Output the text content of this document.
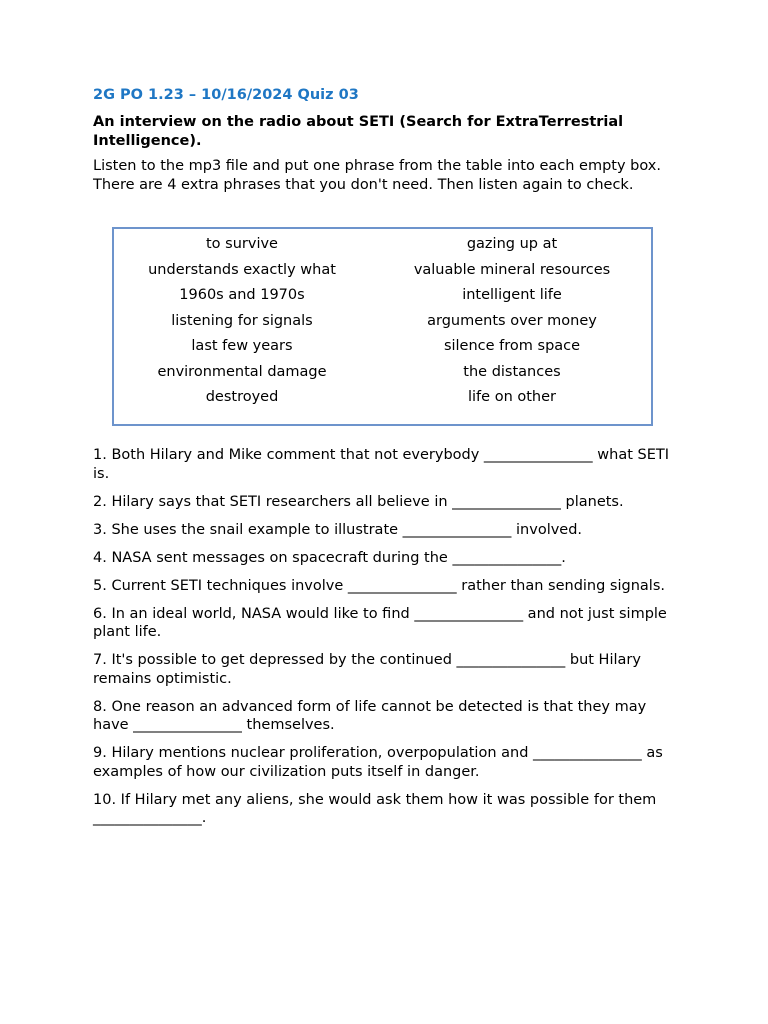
2G PO 1.23 – 10/16/2024 Quiz 03
An interview on the radio about SETI (Search for ExtraTerrestrial Intelligence).
Listen to the mp3 file and put one phrase from the table into each empty box. There are 4 extra phrases that you don't need. Then listen again to check.
to survive
understands exactly what
1960s and 1970s
listening for signals
last few years
environmental damage
destroyed
gazing up at
valuable mineral resources
intelligent life
arguments over money
silence from space
the distances
life on other
1. Both Hilary and Mike comment that not everybody _______________ what SETI is.
2. Hilary says that SETI researchers all believe in _______________ planets.
3. She uses the snail example to illustrate _______________ involved.
4. NASA sent messages on spacecraft during the _______________.
5. Current SETI techniques involve _______________ rather than sending signals.
6. In an ideal world, NASA would like to find _______________ and not just simple plant life.
7. It's possible to get depressed by the continued _______________ but Hilary remains optimistic.
8. One reason an advanced form of life cannot be detected is that they may have _______________ themselves.
9. Hilary mentions nuclear proliferation, overpopulation and _______________ as examples of how our civilization puts itself in danger.
10. If Hilary met any aliens, she would ask them how it was possible for them _______________.
